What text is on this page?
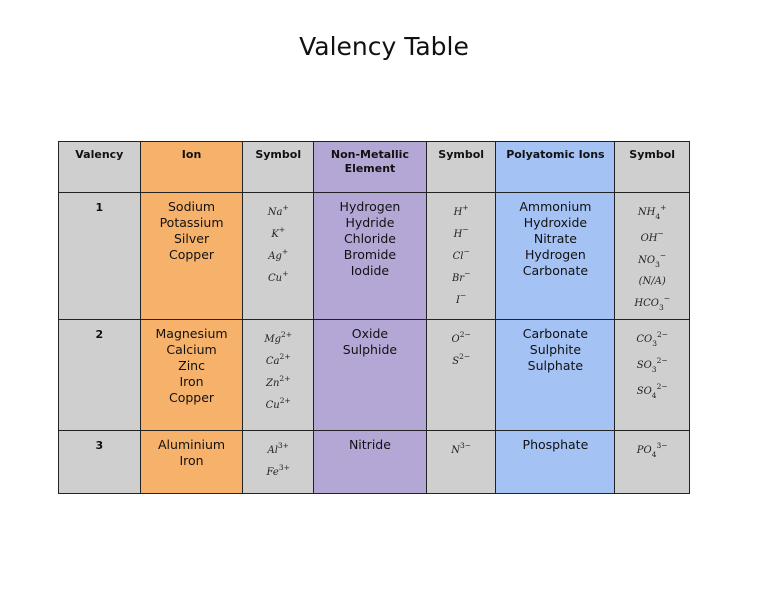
Valency Table
Valency	Ion	Symbol	Non-Metallic Element	Symbol	Polyatomic Ions	Symbol

1	Sodium
Potassium
Silver
Copper	Na+
K+
Ag+
Cu+	Hydrogen
Hydride
Chloride
Bromide
Iodide	H+
H−
Cl−
Br−
I−	Ammonium
Hydroxide
Nitrate
Hydrogen
Carbonate	$NH_4^+$
OH−
$NO_3^-$
(N/A)
$HCO_3^-$

2	Magnesium
Calcium
Zinc
Iron
Copper	$Mg^{2+}$
$Ca^{2+}$
$Zn^{2+}$
$Cu^{2+}$	Oxide
Sulphide	$O^{2-}$
$S^{2-}$	Carbonate
Sulphite
Sulphate	$CO_3^{2-}$
$SO_3^{2-}$
$SO_4^{2-}$

3	Aluminium
Iron	$Al^{3+}$
$Fe^{3+}$	Nitride	$N^{3-}$	Phosphate	$PO_4^{3-}$
